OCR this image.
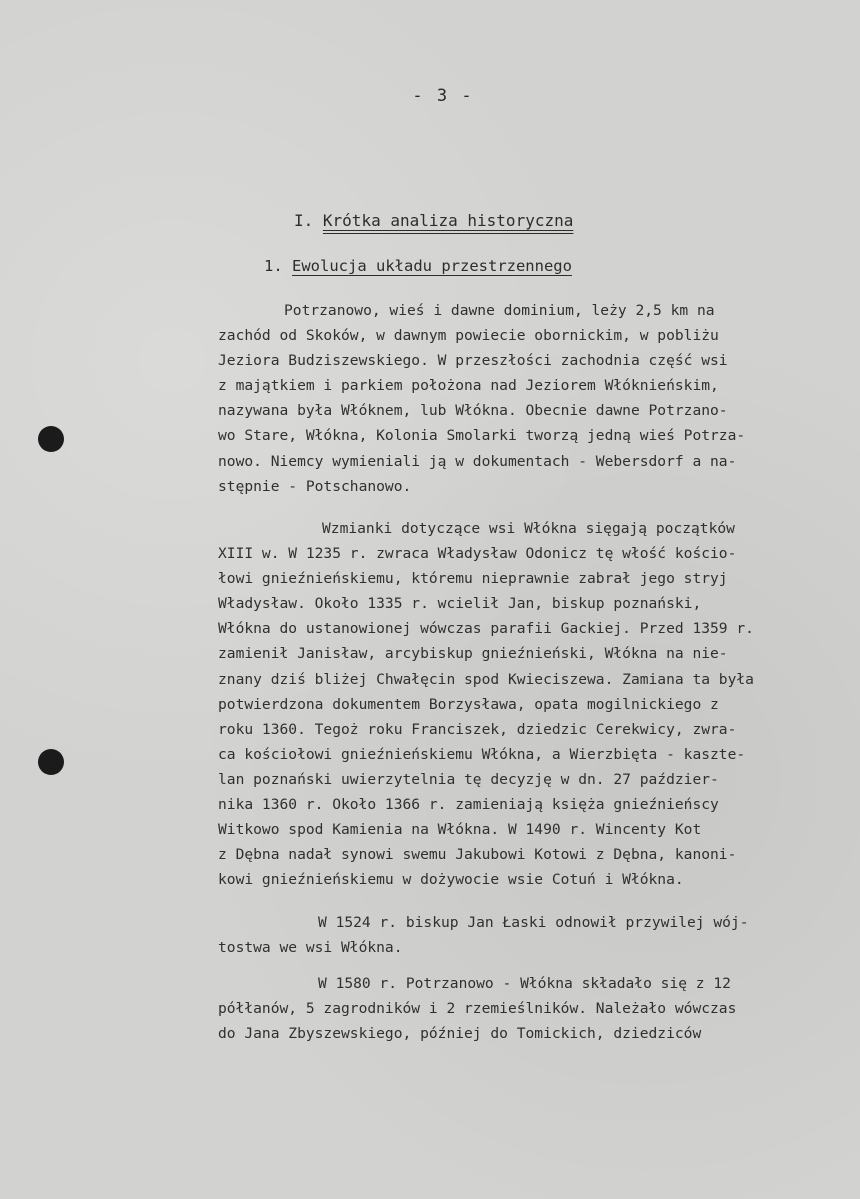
- 3 -
I. Krótka analiza historyczna
1. Ewolucja układu przestrzennego
Potrzanowo, wieś i dawne dominium, leży 2,5 km na
zachód od Skoków, w dawnym powiecie obornickim, w pobliżu
Jeziora Budziszewskiego. W przeszłości zachodnia część wsi
z majątkiem i parkiem położona nad Jeziorem Włókniеńskim,
nazywana była Włóknem, lub Włókna. Obecnie dawne Potrzano-
wo Stare, Włókna, Kolonia Smolarki tworzą jedną wieś Potrza-
nowo. Niemcy wymieniali ją w dokumentach - Webersdorf a na-
stępnie - Potschanowo.
Wzmianki dotyczące wsi Włókna sięgają początków
XIII w. W 1235 r. zwraca Władysław Odonicz tę włość kościo-
łowi gnieźnieńskiemu, któremu nieprawnie zabrał jego stryj
Władysław. Około 1335 r. wcielił Jan, biskup poznański,
Włókna do ustanowionej wówczas parafii Gackiej. Przed 1359 r.
zamienił Janisław, arcybiskup gnieźnieński, Włókna na nie-
znany dziś bliżej Chwałęcin spod Kwieciszewa. Zamiana ta była
potwierdzona dokumentem Borzysława, opata mogilnickiego z
roku 1360. Tegoż roku Franciszek, dziedzic Cerekwicy, zwra-
ca kościołowi gnieźnieńskiemu Włókna, a Wierzbięta - kaszte-
lan poznański uwierzytelnia tę decyzję w dn. 27 paździer-
nika 1360 r. Około 1366 r. zamieniają księża gnieźnieńscy
Witkowo spod Kamienia na Włókna. W 1490 r. Wincenty Kot
z Dębna nadał synowi swemu Jakubowi Kotowi z Dębna, kanoni-
kowi gnieźnieńskiemu w dożywocie wsie Cotuń i Włókna.
W 1524 r. biskup Jan Łaski odnowił przywilej wój-
tostwa we wsi Włókna.
W 1580 r. Potrzanowo - Włókna składało się z 12
półłanów, 5 zagrodników i 2 rzemieślników. Należało wówczas
do Jana Zbyszewskiego, później do Tomickich, dziedziców
